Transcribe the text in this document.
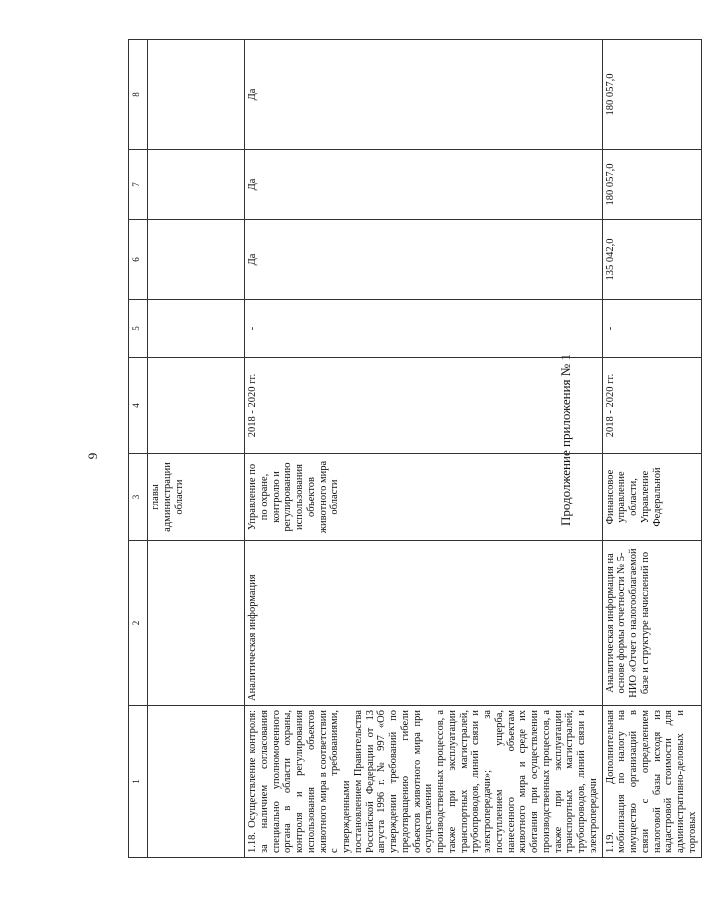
9	Продолжение приложения № 1
1	2	3	4	5	6	7	8
		главы администрации области					
1.18. Осуществление контроля: за наличием согласования специально уполномоченного органа в области охраны, контроля и регулирования использования объектов животного мира в соответствии с требованиями, утвержденными постановлением Правительства Российской Федерации от 13 августа 1996 г. № 997 «Об утверждении требований по предотвращению гибели объектов животного мира при осуществлении производственных процессов, а также при эксплуатации транспортных магистралей, трубопроводов, линий связи и электропередачи»; за поступлением ущерба, нанесенного объектам животного мира и среде их обитания при осуществлении производственных процессов, а также при эксплуатации транспортных магистралей, трубопроводов, линий связи и электропередачи	Аналитическая информация	Управление по по охране, контролю и регулированию использования объектов животного мира области	2018 - 2020 гг.	-	Да	Да	Да
1.19. Дополнительная мобилизация по налогу на имущество организаций в связи с определением налоговой базы исходя из кадастровой стоимости для административно-деловых и торговых	Аналитическая информация на основе формы отчетности № 5-НИО «Отчет о налогооблагаемой базе и структуре начислений по	Финансовое управление области, Управление Федеральной	2018 - 2020 гг.	-	135 042,0	180 057,0	180 057,0
